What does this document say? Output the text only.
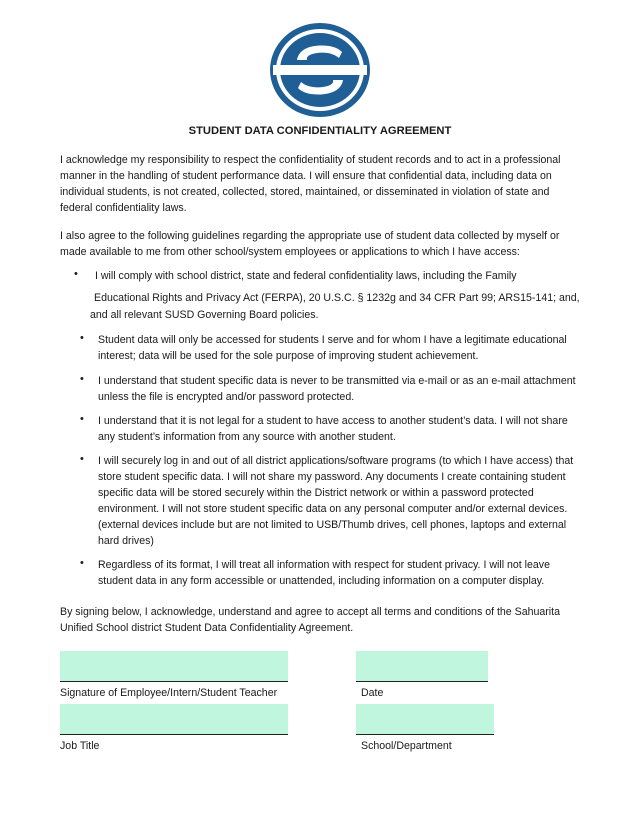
STUDENT DATA CONFIDENTIALITY AGREEMENT
I acknowledge my responsibility to respect the confidentiality of student records and to act in a professional manner in the handling of student performance data. I will ensure that confidential data, including data on individual students, is not created, collected, stored, maintained, or disseminated in violation of state and federal confidentiality laws.
I also agree to the following guidelines regarding the appropriate use of student data collected by myself or made available to me from other school/system employees or applications to which I have access:
• I will comply with school district, state and federal confidentiality laws, including the Family
Educational Rights and Privacy Act (FERPA), 20 U.S.C. § 1232g and 34 CFR Part 99; ARS15-141; and,
and all relevant SUSD Governing Board policies.
• Student data will only be accessed for students I serve and for whom I have a legitimate educational interest; data will be used for the sole purpose of improving student achievement.
• I understand that student specific data is never to be transmitted via e-mail or as an e-mail attachment unless the file is encrypted and/or password protected.
• I understand that it is not legal for a student to have access to another student’s data. I will not share any student’s information from any source with another student.
• I will securely log in and out of all district applications/software programs (to which I have access) that store student specific data. I will not share my password. Any documents I create containing student specific data will be stored securely within the District network or within a password protected environment. I will not store student specific data on any personal computer and/or external devices. (external devices include but are not limited to USB/Thumb drives, cell phones, laptops and external hard drives)
• Regardless of its format, I will treat all information with respect for student privacy. I will not leave student data in any form accessible or unattended, including information on a computer display.
By signing below, I acknowledge, understand and agree to accept all terms and conditions of the Sahuarita Unified School district Student Data Confidentiality Agreement.
Signature of Employee/Intern/Student Teacher	Date
Job Title	School/Department
